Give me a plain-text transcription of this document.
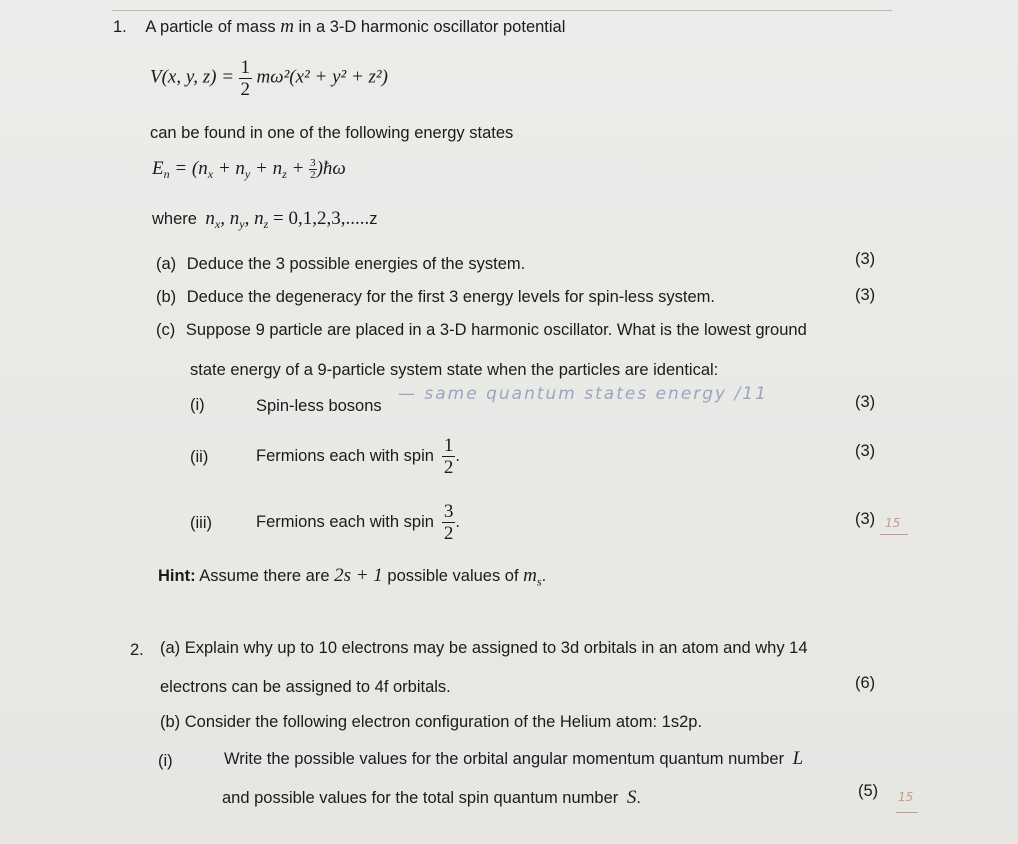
1. A particle of mass m in a 3-D harmonic oscillator potential
V(x, y, $z) = \frac{1}{2} m\omega^2(x^2 + y^2 + z^2)$
can be found in one of the following energy states
$E_n = (n_x + n_y + n_z + \frac{3}{2}$ )ħω
where $n_x$, $n_y$, $n_z = 0,1,2,3,.....z$
(a) Deduce the 3 possible energies of the system.	(3)
(b) Deduce the degeneracy for the first 3 energy levels for spin-less system.	(3)
(c) Suppose 9 particle are placed in a 3-D harmonic oscillator. What is the lowest ground
state energy of a 9-particle system state when the particles are identical:
— same quantum states energy /11
(i)	Spin-less bosons	(3)
(ii)	Fermions each with spin $\frac{1}{2}$ .	(3)
(iii)	Fermions each with spin $\frac{3}{2}$ .	(3) 15
Hint: Assume there are 2s + 1 possible values of $m_s$.
2. (a) Explain why up to 10 electrons may be assigned to 3d orbitals in an atom and why 14
electrons can be assigned to 4f orbitals.	(6)
(b) Consider the following electron configuration of the Helium atom: 1s2p.
(i)	Write the possible values for the orbital angular momentum quantum number L
and possible values for the total spin quantum number S.	(5) 15
